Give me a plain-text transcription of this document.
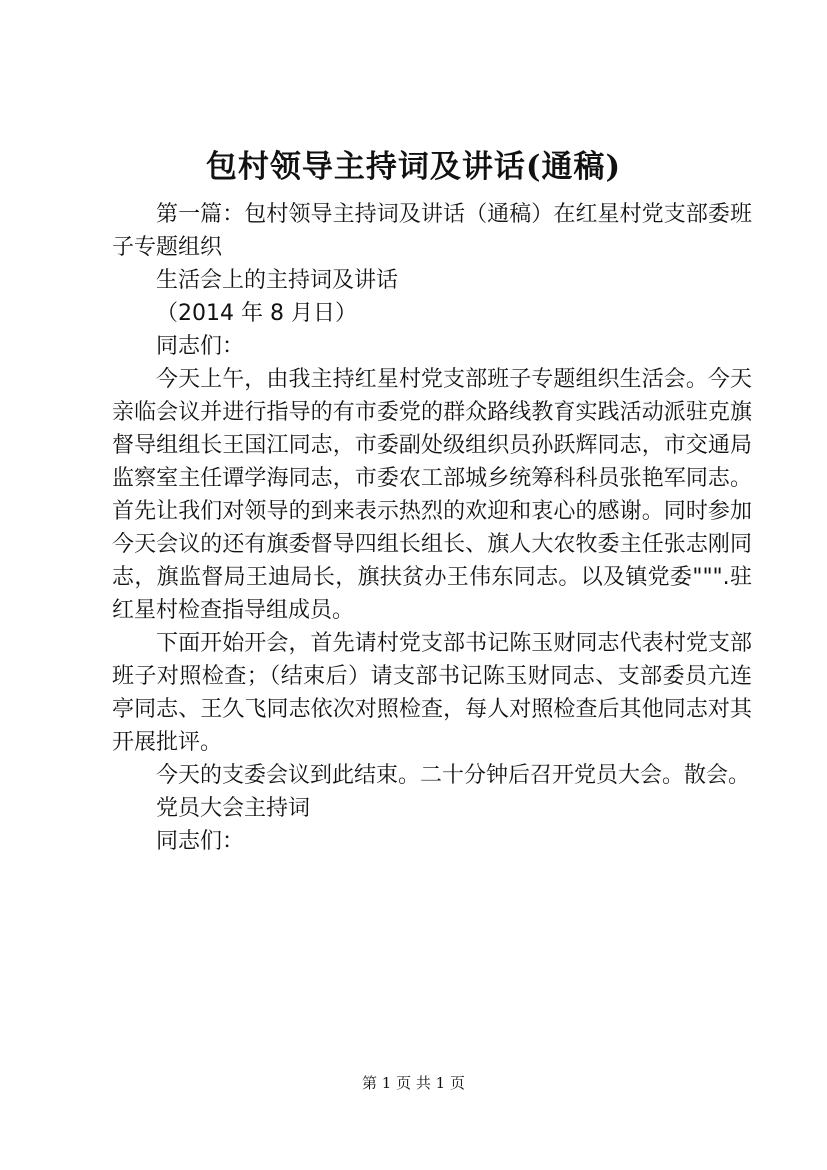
包村领导主持词及讲话(通稿)

第一篇：包村领导主持词及讲话（通稿）在红星村党支部委班子专题组织

生活会上的主持词及讲话

（2014 年 8 月日）

同志们：

今天上午，由我主持红星村党支部班子专题组织生活会。今天亲临会议并进行指导的有市委党的群众路线教育实践活动派驻克旗督导组组长王国江同志，市委副处级组织员孙跃辉同志，市交通局监察室主任谭学海同志，市委农工部城乡统筹科科员张艳军同志。首先让我们对领导的到来表示热烈的欢迎和衷心的感谢。同时参加今天会议的还有旗委督导四组长组长、旗人大农牧委主任张志刚同志，旗监督局王迪局长，旗扶贫办王伟东同志。以及镇党委""".驻红星村检查指导组成员。

下面开始开会，首先请村党支部书记陈玉财同志代表村党支部班子对照检查；（结束后）请支部书记陈玉财同志、支部委员亢连亭同志、王久飞同志依次对照检查，每人对照检查后其他同志对其开展批评。

今天的支委会议到此结束。二十分钟后召开党员大会。散会。

党员大会主持词

同志们：

第 1 页 共 1 页
